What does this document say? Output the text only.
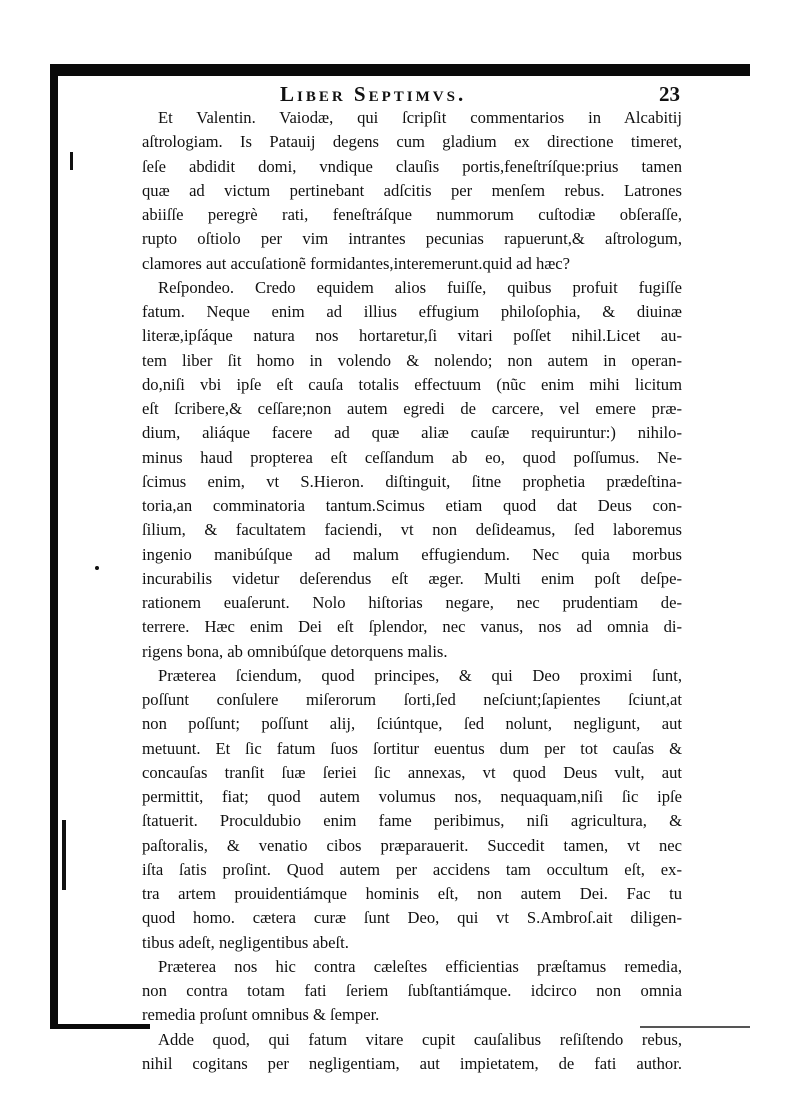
Liber Septimvs.	23
Et Valentin. Vaiodæ, qui ſcripſit commentarios in Alcabitij
aſtrologiam. Is Patauij degens cum gladium ex directione timeret,
ſeſe abdidit domi, vndique clauſis portis,feneſtríſque:prius tamen
quæ ad victum pertinebant adſcitis per menſem rebus. Latrones
abiiſſe peregrè rati, feneſtráſque nummorum cuſtodiæ obſeraſſe,
rupto oſtiolo per vim intrantes pecunias rapuerunt,& aſtrologum,
clamores aut accuſationẽ formidantes,interemerunt.quid ad hæc?
Reſpondeo. Credo equidem alios fuiſſe, quibus profuit fugiſſe
fatum. Neque enim ad illius effugium philoſophia, & diuinæ
literæ,ipſáque natura nos hortaretur,ſi vitari poſſet nihil.Licet au-
tem liber ſit homo in volendo & nolendo; non autem in operan-
do,niſi vbi ipſe eſt cauſa totalis effectuum (nũc enim mihi licitum
eſt ſcribere,& ceſſare;non autem egredi de carcere, vel emere præ-
dium, aliáque facere ad quæ aliæ cauſæ requiruntur:) nihilo-
minus haud propterea eſt ceſſandum ab eo, quod poſſumus. Ne-
ſcimus enim, vt S.Hieron. diſtinguit, ſitne prophetia prædeſtina-
toria,an comminatoria tantum.Scimus etiam quod dat Deus con-
ſilium, & facultatem faciendi, vt non deſideamus, ſed laboremus
ingenio manibúſque ad malum effugiendum. Nec quia morbus
incurabilis videtur deſerendus eſt æger. Multi enim poſt deſpe-
rationem euaſerunt. Nolo hiſtorias negare, nec prudentiam de-
terrere. Hæc enim Dei eſt ſplendor, nec vanus, nos ad omnia di-
rigens bona, ab omnibúſque detorquens malis.
Præterea ſciendum, quod principes, & qui Deo proximi ſunt,
poſſunt conſulere miſerorum ſorti,ſed neſciunt;ſapientes ſciunt,at
non poſſunt; poſſunt alij, ſciúntque, ſed nolunt, negligunt, aut
metuunt. Et ſic fatum ſuos ſortitur euentus dum per tot cauſas &
concauſas tranſit ſuæ ſeriei ſic annexas, vt quod Deus vult, aut
permittit, fiat; quod autem volumus nos, nequaquam,niſi ſic ipſe
ſtatuerit. Proculdubio enim fame peribimus, niſi agricultura, &
paſtoralis, & venatio cibos præparauerit. Succedit tamen, vt nec
iſta ſatis proſint. Quod autem per accidens tam occultum eſt, ex-
tra artem prouidentiámque hominis eſt, non autem Dei. Fac tu
quod homo. cætera curæ ſunt Deo, qui vt S.Ambroſ.ait diligen-
tibus adeſt, negligentibus abeſt.
Præterea nos hic contra cæleſtes efficientias præſtamus remedia,
non contra totam fati ſeriem ſubſtantiámque. idcirco non omnia
remedia proſunt omnibus & ſemper.
Adde quod, qui fatum vitare cupit cauſalibus reſiſtendo rebus,
nihil cogitans per negligentiam, aut impietatem, de fati author.
